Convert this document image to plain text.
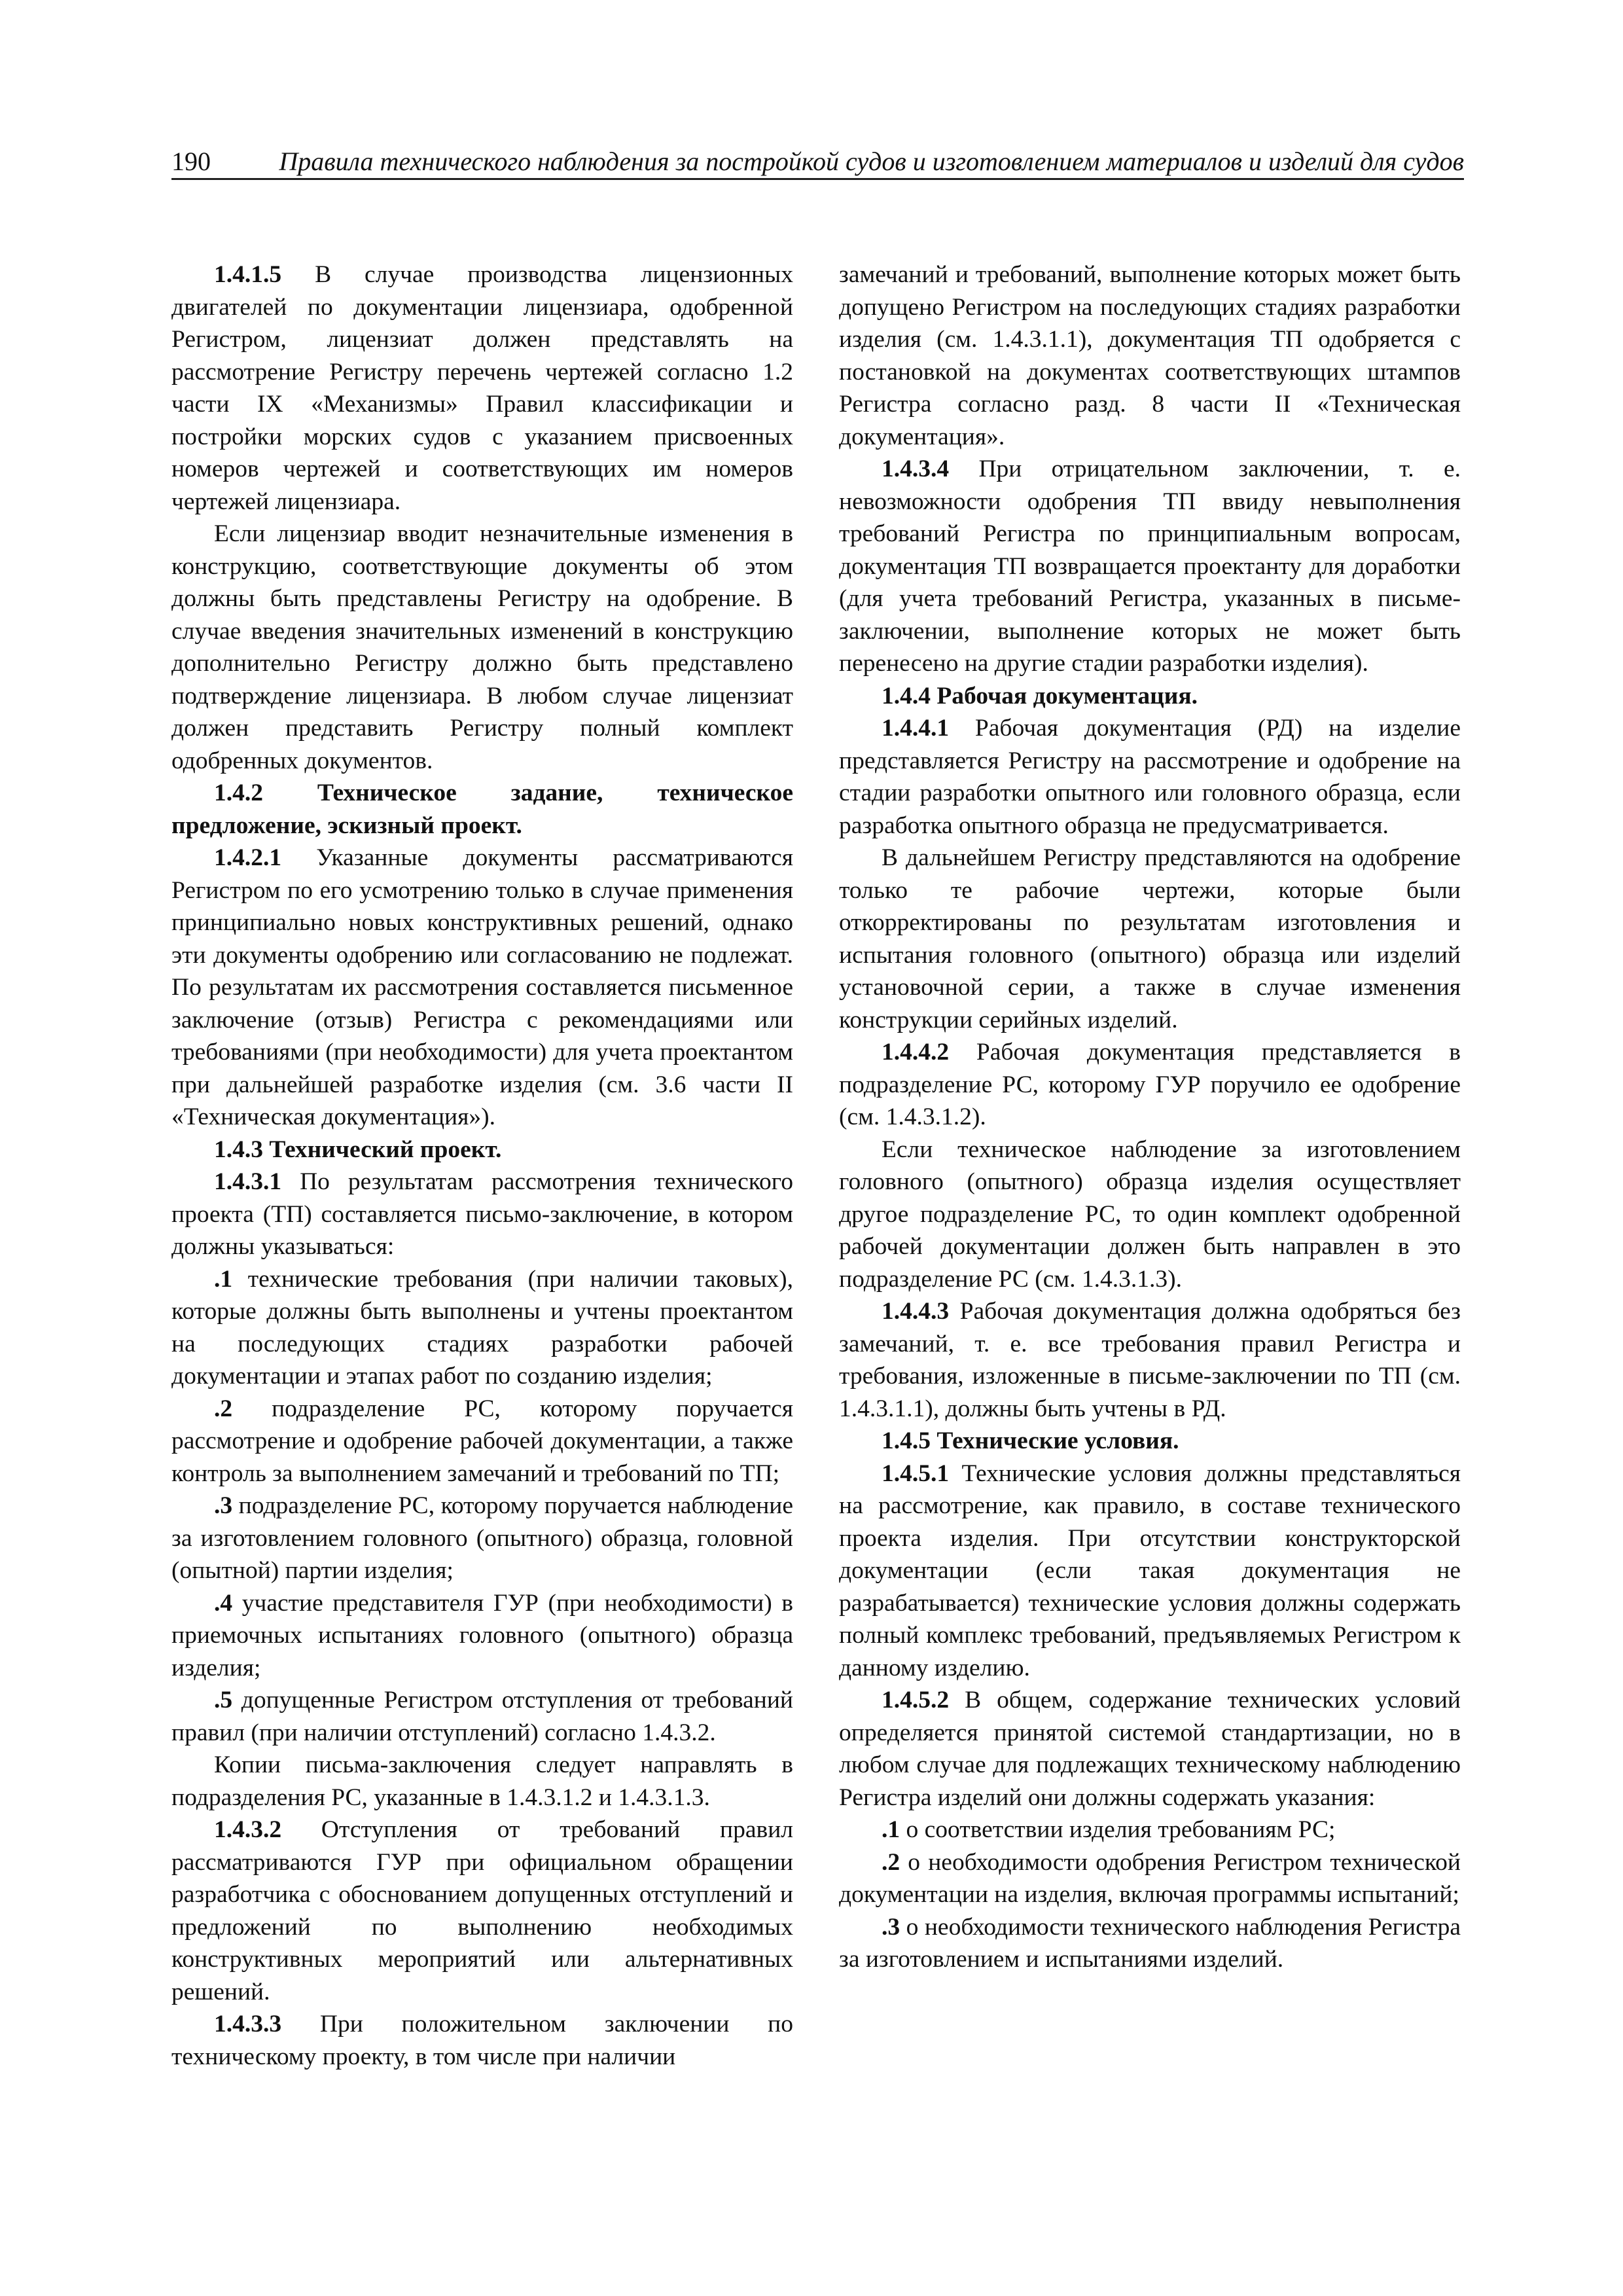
190	Правила технического наблюдения за постройкой судов и изготовлением материалов и изделий для судов

1.4.1.5 В случае производства лицензионных двигателей по документации лицензиара, одобренной Регистром, лицензиат должен представлять на рассмотрение Регистру перечень чертежей согласно 1.2 части IX «Механизмы» Правил классификации и постройки морских судов с указанием присвоенных номеров чертежей и соответствующих им номеров чертежей лицензиара.

Если лицензиар вводит незначительные изменения в конструкцию, соответствующие документы об этом должны быть представлены Регистру на одобрение. В случае введения значительных изменений в конструкцию дополнительно Регистру должно быть представлено подтверждение лицензиара. В любом случае лицензиат должен представить Регистру полный комплект одобренных документов.

1.4.2 Техническое задание, техническое предложение, эскизный проект.

1.4.2.1 Указанные документы рассматриваются Регистром по его усмотрению только в случае применения принципиально новых конструктивных решений, однако эти документы одобрению или согласованию не подлежат. По результатам их рассмотрения составляется письменное заключение (отзыв) Регистра с рекомендациями или требованиями (при необходимости) для учета проектантом при дальнейшей разработке изделия (см. 3.6 части II «Техническая документация»).

1.4.3 Технический проект.

1.4.3.1 По результатам рассмотрения технического проекта (ТП) составляется письмо-заключение, в котором должны указываться:

.1 технические требования (при наличии таковых), которые должны быть выполнены и учтены проектантом на последующих стадиях разработки рабочей документации и этапах работ по созданию изделия;

.2 подразделение РС, которому поручается рассмотрение и одобрение рабочей документации, а также контроль за выполнением замечаний и требований по ТП;

.3 подразделение РС, которому поручается наблюдение за изготовлением головного (опытного) образца, головной (опытной) партии изделия;

.4 участие представителя ГУР (при необходимости) в приемочных испытаниях головного (опытного) образца изделия;

.5 допущенные Регистром отступления от требований правил (при наличии отступлений) согласно 1.4.3.2.

Копии письма-заключения следует направлять в подразделения РС, указанные в 1.4.3.1.2 и 1.4.3.1.3.

1.4.3.2 Отступления от требований правил рассматриваются ГУР при официальном обращении разработчика с обоснованием допущенных отступлений и предложений по выполнению необходимых конструктивных мероприятий или альтернативных решений.

1.4.3.3 При положительном заключении по техническому проекту, в том числе при наличии

замечаний и требований, выполнение которых может быть допущено Регистром на последующих стадиях разработки изделия (см. 1.4.3.1.1), документация ТП одобряется с постановкой на документах соответствующих штампов Регистра согласно разд. 8 части II «Техническая документация».

1.4.3.4 При отрицательном заключении, т. е. невозможности одобрения ТП ввиду невыполнения требований Регистра по принципиальным вопросам, документация ТП возвращается проектанту для доработки (для учета требований Регистра, указанных в письме-заключении, выполнение которых не может быть перенесено на другие стадии разработки изделия).

1.4.4 Рабочая документация.

1.4.4.1 Рабочая документация (РД) на изделие представляется Регистру на рассмотрение и одобрение на стадии разработки опытного или головного образца, если разработка опытного образца не предусматривается.

В дальнейшем Регистру представляются на одобрение только те рабочие чертежи, которые были откорректированы по результатам изготовления и испытания головного (опытного) образца или изделий установочной серии, а также в случае изменения конструкции серийных изделий.

1.4.4.2 Рабочая документация представляется в подразделение РС, которому ГУР поручило ее одобрение (см. 1.4.3.1.2).

Если техническое наблюдение за изготовлением головного (опытного) образца изделия осуществляет другое подразделение РС, то один комплект одобренной рабочей документации должен быть направлен в это подразделение РС (см. 1.4.3.1.3).

1.4.4.3 Рабочая документация должна одобряться без замечаний, т. е. все требования правил Регистра и требования, изложенные в письме-заключении по ТП (см. 1.4.3.1.1), должны быть учтены в РД.

1.4.5 Технические условия.

1.4.5.1 Технические условия должны представляться на рассмотрение, как правило, в составе технического проекта изделия. При отсутствии конструкторской документации (если такая документация не разрабатывается) технические условия должны содержать полный комплекс требований, предъявляемых Регистром к данному изделию.

1.4.5.2 В общем, содержание технических условий определяется принятой системой стандартизации, но в любом случае для подлежащих техническому наблюдению Регистра изделий они должны содержать указания:

.1 о соответствии изделия требованиям РС;

.2 о необходимости одобрения Регистром технической документации на изделия, включая программы испытаний;

.3 о необходимости технического наблюдения Регистра за изготовлением и испытаниями изделий.
